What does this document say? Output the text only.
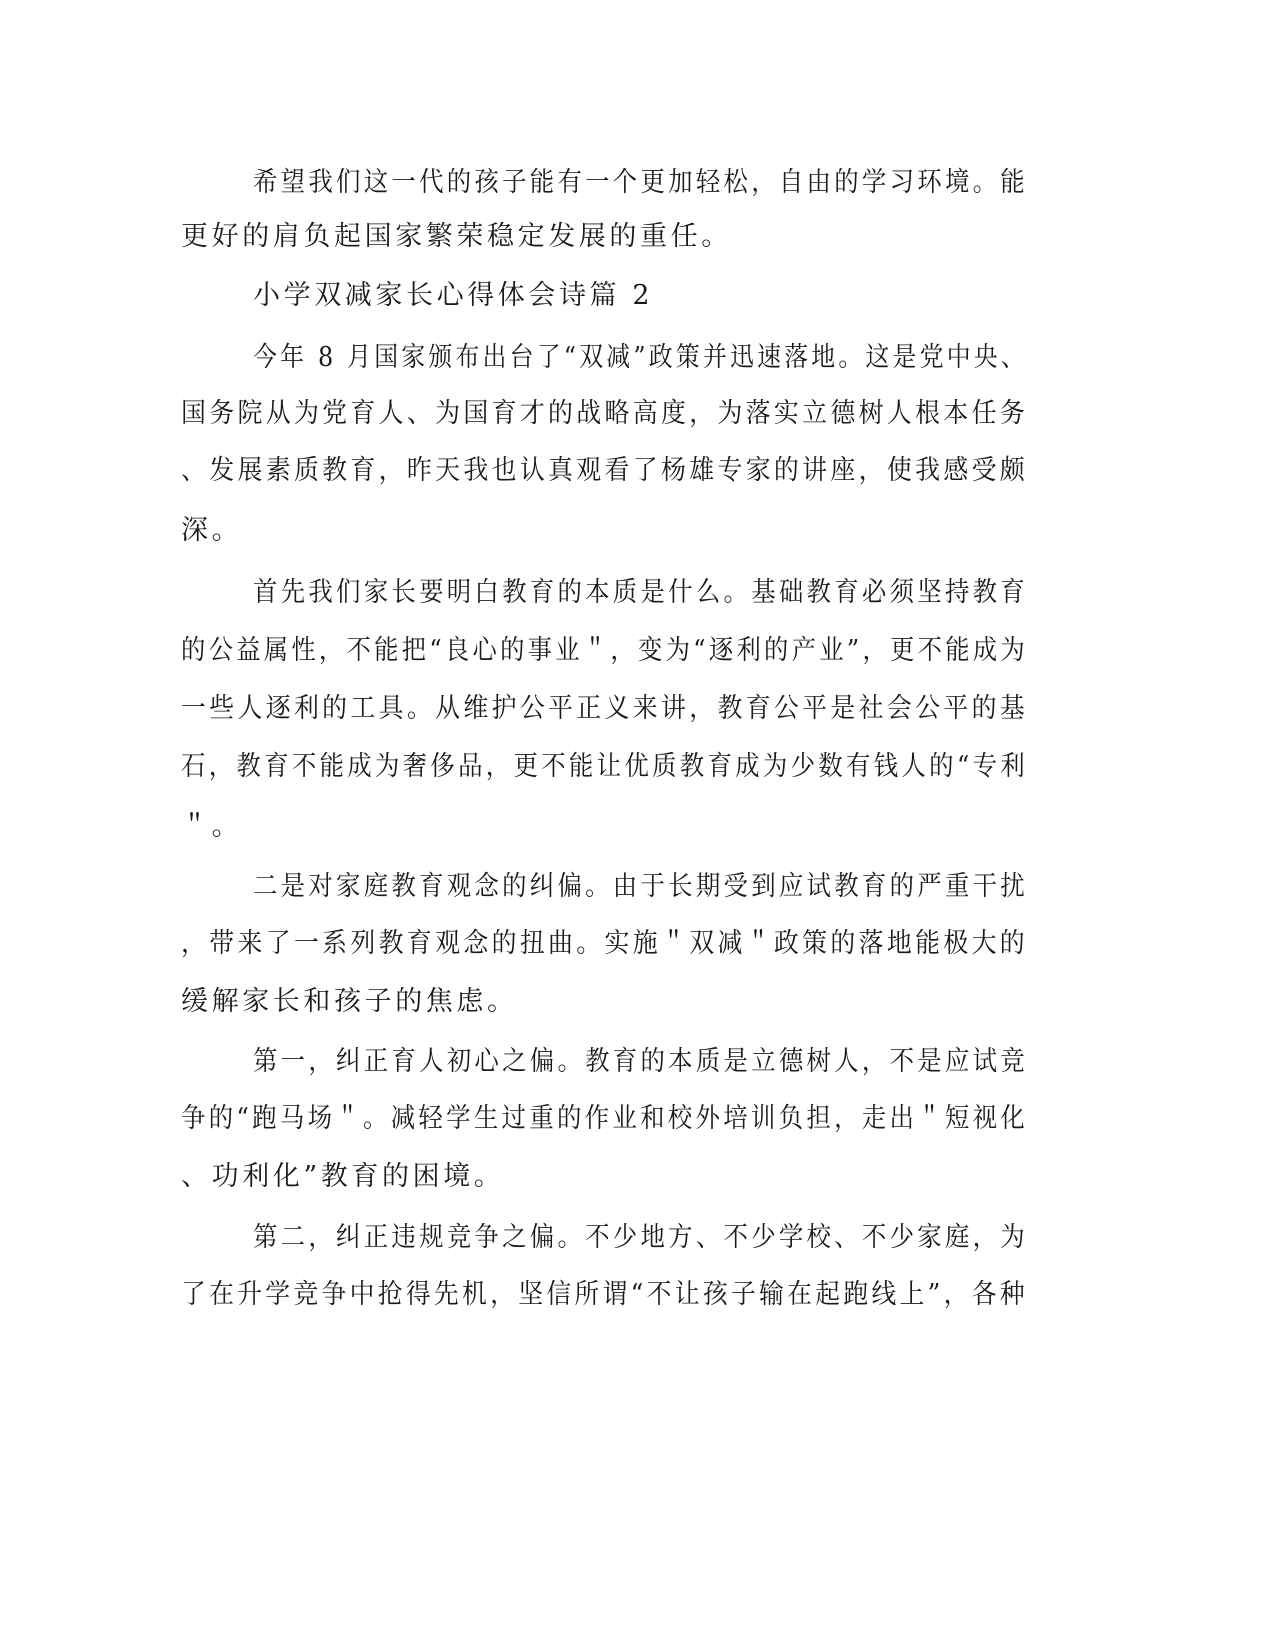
希望我们这一代的孩子能有一个更加轻松，自由的学习环境。能

更好的肩负起国家繁荣稳定发展的重任。

小学双减家长心得体会诗篇 2

今年 8 月国家颁布出台了“双减”政策并迅速落地。这是党中央、

国务院从为党育人、为国育才的战略高度，为落实立德树人根本任务

、发展素质教育，昨天我也认真观看了杨雄专家的讲座，使我感受颇

深。

首先我们家长要明白教育的本质是什么。基础教育必须坚持教育

的公益属性，不能把“良心的事业＂，变为“逐利的产业”，更不能成为

一些人逐利的工具。从维护公平正义来讲，教育公平是社会公平的基

石，教育不能成为奢侈品，更不能让优质教育成为少数有钱人的“专利

＂。

二是对家庭教育观念的纠偏。由于长期受到应试教育的严重干扰

，带来了一系列教育观念的扭曲。实施＂双减＂政策的落地能极大的

缓解家长和孩子的焦虑。

第一，纠正育人初心之偏。教育的本质是立德树人，不是应试竞

争的“跑马场＂。减轻学生过重的作业和校外培训负担，走出＂短视化

、功利化”教育的困境。

第二，纠正违规竞争之偏。不少地方、不少学校、不少家庭，为

了在升学竞争中抢得先机，坚信所谓“不让孩子输在起跑线上”，各种
